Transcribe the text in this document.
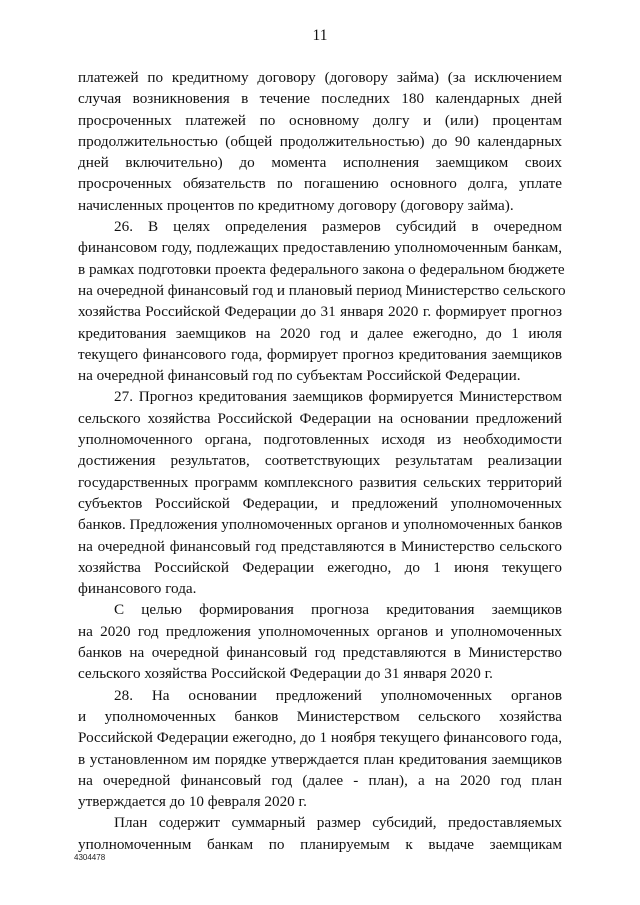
11
платежей по кредитному договору (договору займа) (за исключением
случая возникновения в течение последних 180 календарных дней
просроченных платежей по основному долгу и (или) процентам
продолжительностью (общей продолжительностью) до 90 календарных
дней включительно) до момента исполнения заемщиком своих
просроченных обязательств по погашению основного долга, уплате
начисленных процентов по кредитному договору (договору займа).
26. В целях определения размеров субсидий в очередном
финансовом году, подлежащих предоставлению уполномоченным банкам,
в рамках подготовки проекта федерального закона о федеральном бюджете
на очередной финансовый год и плановый период Министерство сельского
хозяйства Российской Федерации до 31 января 2020 г. формирует прогноз
кредитования заемщиков на 2020 год и далее ежегодно, до 1 июля
текущего финансового года, формирует прогноз кредитования заемщиков
на очередной финансовый год по субъектам Российской Федерации.
27. Прогноз кредитования заемщиков формируется Министерством
сельского хозяйства Российской Федерации на основании предложений
уполномоченного органа, подготовленных исходя из необходимости
достижения результатов, соответствующих результатам реализации
государственных программ комплексного развития сельских территорий
субъектов Российской Федерации, и предложений уполномоченных
банков. Предложения уполномоченных органов и уполномоченных банков
на очередной финансовый год представляются в Министерство сельского
хозяйства Российской Федерации ежегодно, до 1 июня текущего
финансового года.
С целью формирования прогноза кредитования заемщиков
на 2020 год предложения уполномоченных органов и уполномоченных
банков на очередной финансовый год представляются в Министерство
сельского хозяйства Российской Федерации до 31 января 2020 г.
28. На основании предложений уполномоченных органов
и уполномоченных банков Министерством сельского хозяйства
Российской Федерации ежегодно, до 1 ноября текущего финансового года,
в установленном им порядке утверждается план кредитования заемщиков
на очередной финансовый год (далее - план), а на 2020 год план
утверждается до 10 февраля 2020 г.
План содержит суммарный размер субсидий, предоставляемых
уполномоченным банкам по планируемым к выдаче заемщикам
4304478
